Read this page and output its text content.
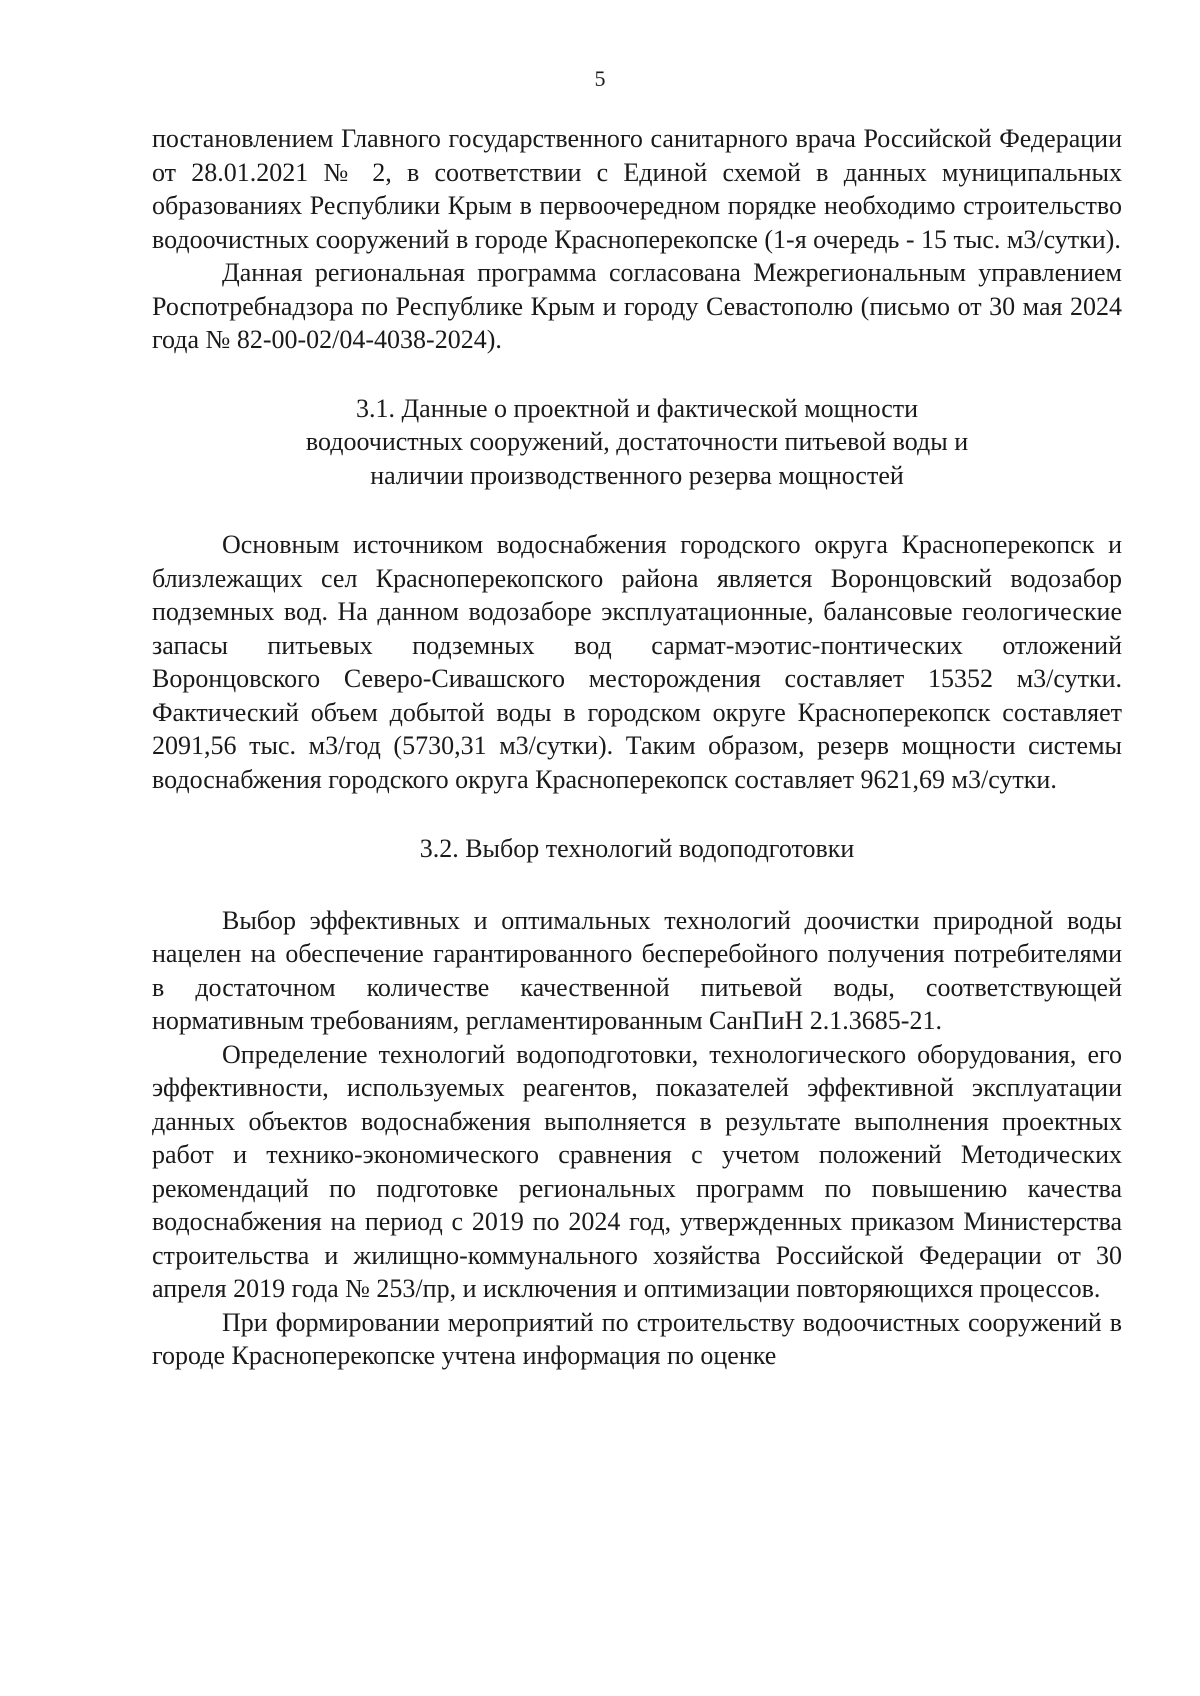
5

постановлением Главного государственного санитарного врача Российской Федерации от 28.01.2021 № 2, в соответствии с Единой схемой в данных муниципальных образованиях Республики Крым в первоочередном порядке необходимо строительство водоочистных сооружений в городе Красноперекопске (1-я очередь - 15 тыс. м3/сутки).

Данная региональная программа согласована Межрегиональным управлением Роспотребнадзора по Республике Крым и городу Севастополю (письмо от 30 мая 2024 года № 82-00-02/04-4038-2024).

3.1. Данные о проектной и фактической мощности
водоочистных сооружений, достаточности питьевой воды и
наличии производственного резерва мощностей

Основным источником водоснабжения городского округа Красноперекопск и близлежащих сел Красноперекопского района является Воронцовский водозабор подземных вод. На данном водозаборе эксплуатационные, балансовые геологические запасы питьевых подземных вод сармат-мэотис-понтических отложений Воронцовского Северо-Сивашского месторождения составляет 15352 м3/сутки. Фактический объем добытой воды в городском округе Красноперекопск составляет 2091,56 тыс. м3/год (5730,31 м3/сутки). Таким образом, резерв мощности системы водоснабжения городского округа Красноперекопск составляет 9621,69 м3/сутки.

3.2. Выбор технологий водоподготовки

Выбор эффективных и оптимальных технологий доочистки природной воды нацелен на обеспечение гарантированного бесперебойного получения потребителями в достаточном количестве качественной питьевой воды, соответствующей нормативным требованиям, регламентированным СанПиН 2.1.3685-21.

Определение технологий водоподготовки, технологического оборудования, его эффективности, используемых реагентов, показателей эффективной эксплуатации данных объектов водоснабжения выполняется в результате выполнения проектных работ и технико-экономического сравнения с учетом положений Методических рекомендаций по подготовке региональных программ по повышению качества водоснабжения на период с 2019 по 2024 год, утвержденных приказом Министерства строительства и жилищно-коммунального хозяйства Российской Федерации от 30 апреля 2019 года № 253/пр, и исключения и оптимизации повторяющихся процессов.

При формировании мероприятий по строительству водоочистных сооружений в городе Красноперекопске учтена информация по оценке
